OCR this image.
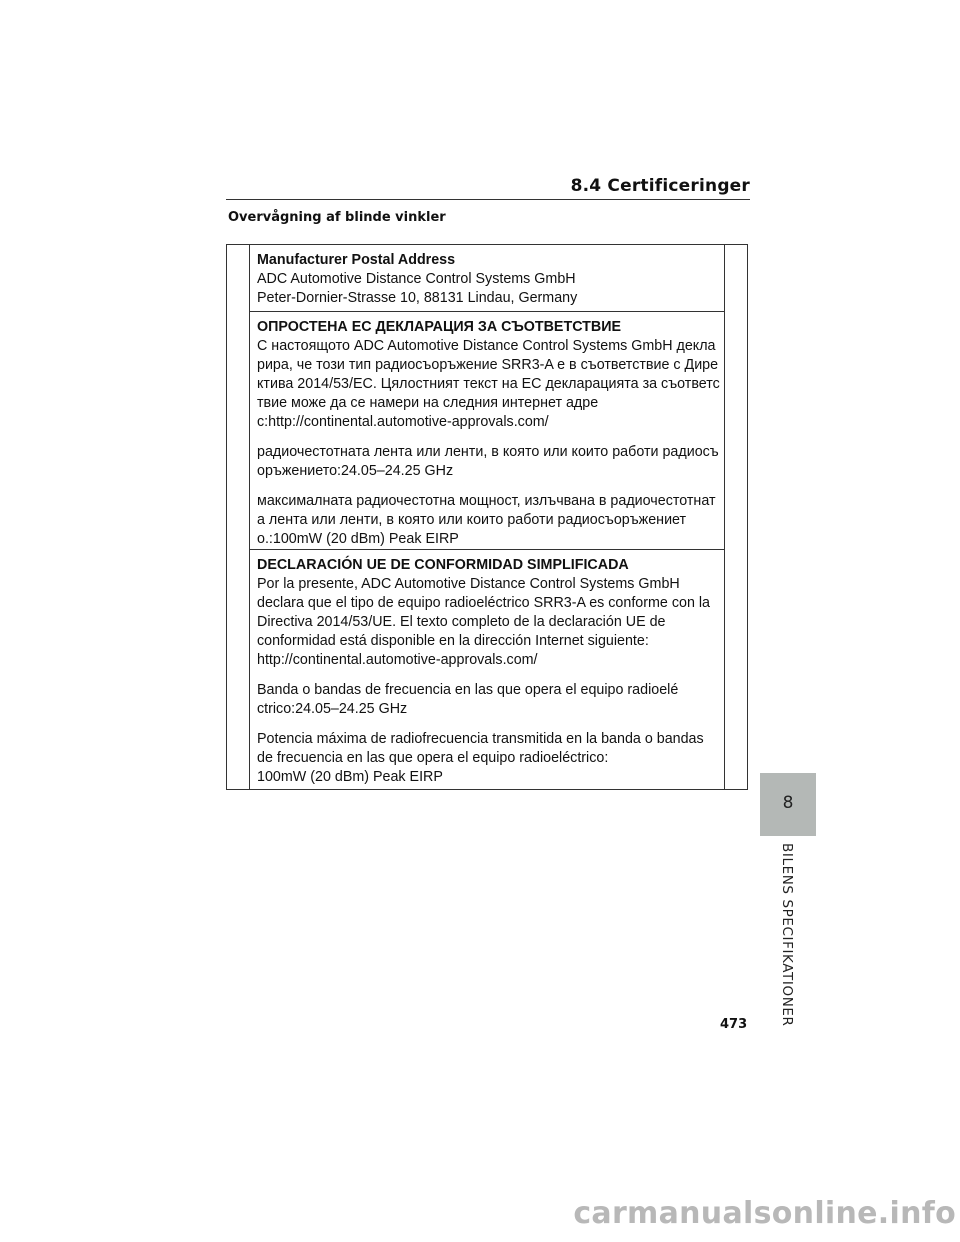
8.4 Certificeringer
Overvågning af blinde vinkler
Manufacturer Postal Address
ADC Automotive Distance Control Systems GmbH
Peter-Dornier-Strasse 10, 88131 Lindau, Germany
ОПРОСТЕНА ЕС ДЕКЛАРАЦИЯ ЗА СЪОТВЕТСТВИЕ
С настоящото ADC Automotive Distance Control Systems GmbH декла
рира, че този тип радиосъоръжение SRR3-A е в съответствие с Дире
ктива 2014/53/ЕС. Цялостният текст на ЕС декларацията за съответс
твие може да се намери на следния интернет адре
с:http://continental.automotive-approvals.com/
радиочестотната лента или ленти, в която или които работи радиосъ
оръжението:24.05–24.25 GHz
максималната радиочестотна мощност, излъчвана в радиочестотнат
а лента или ленти, в която или които работи радиосъоръжениет
о.:100mW (20 dBm) Peak EIRP
DECLARACIÓN UE DE CONFORMIDAD SIMPLIFICADA
Por la presente, ADC Automotive Distance Control Systems GmbH
declara que el tipo de equipo radioeléctrico SRR3-A es conforme con la
Directiva 2014/53/UE. El texto completo de la declaración UE de
conformidad está disponible en la dirección Internet siguiente:
http://continental.automotive-approvals.com/
Banda o bandas de frecuencia en las que opera el equipo radioelé
ctrico:24.05–24.25 GHz
Potencia máxima de radiofrecuencia transmitida en la banda o bandas
de frecuencia en las que opera el equipo radioeléctrico:
100mW (20 dBm) Peak EIRP
8
BILENS SPECIFIKATIONER
473
carmanualsonline.info
